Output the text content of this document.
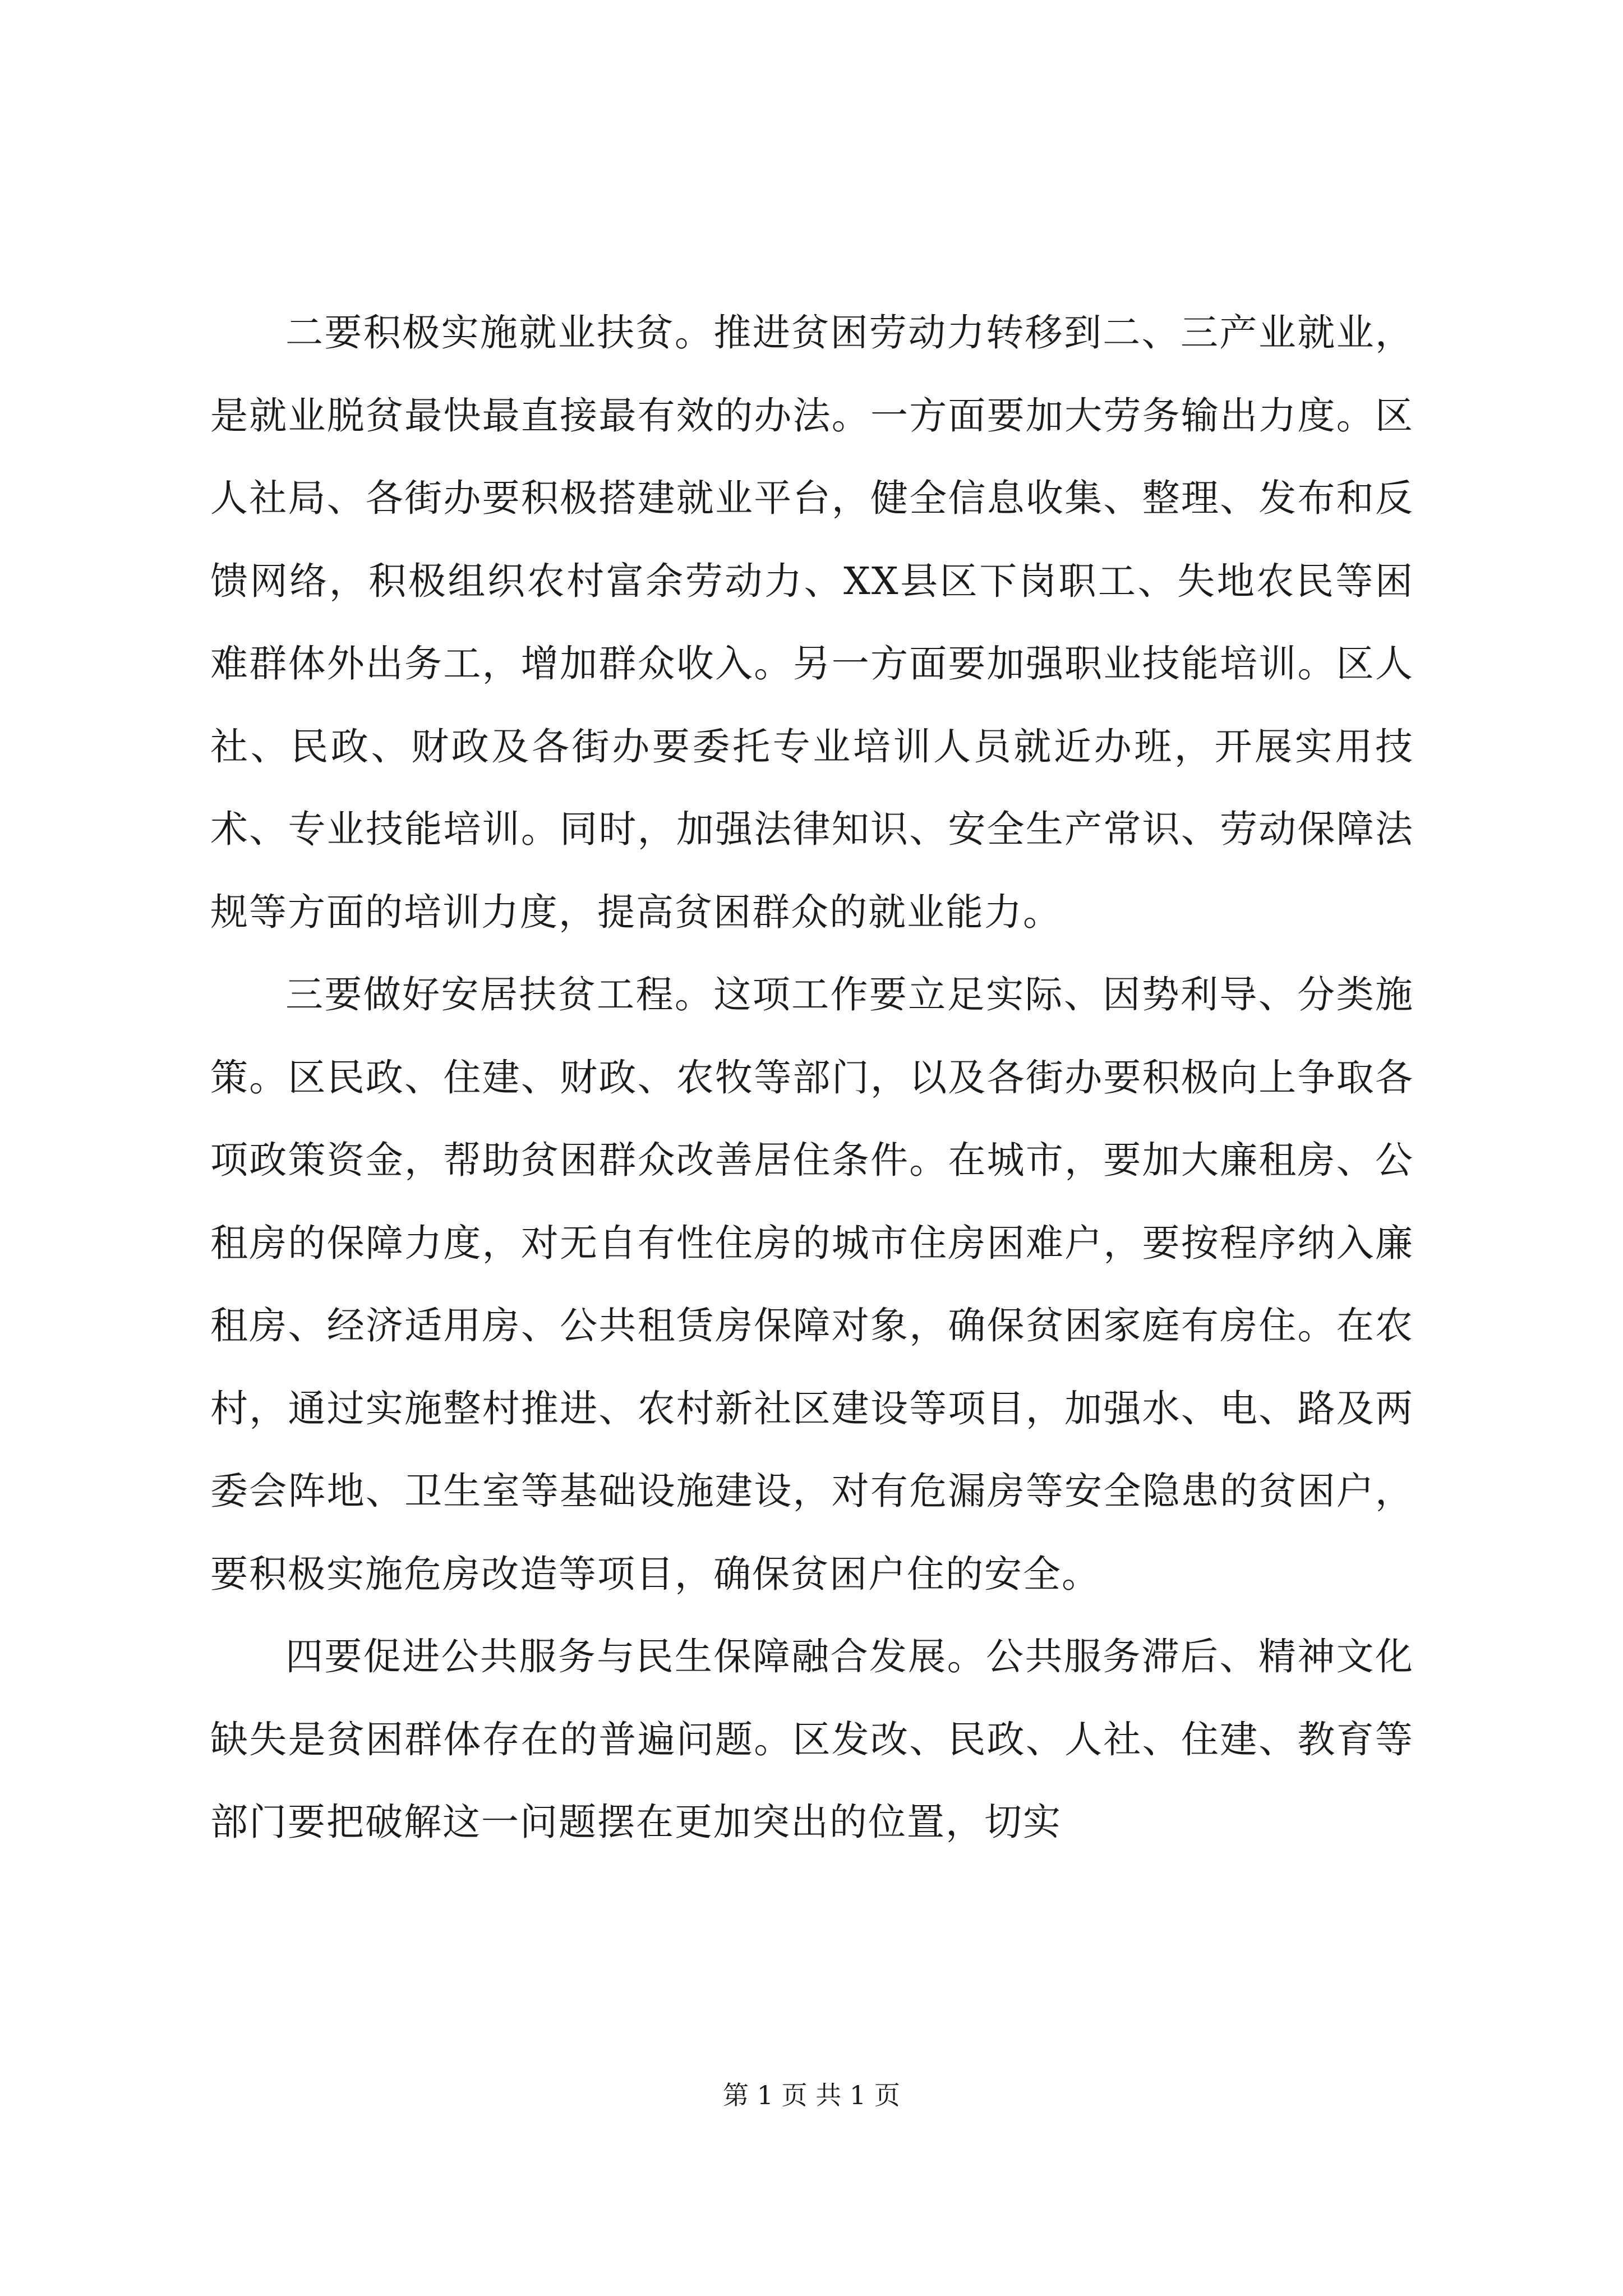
二要积极实施就业扶贫。推进贫困劳动力转移到二、三产业就业，是就业脱贫最快最直接最有效的办法。一方面要加大劳务输出力度。区人社局、各街办要积极搭建就业平台，健全信息收集、整理、发布和反馈网络，积极组织农村富余劳动力、XX县区下岗职工、失地农民等困难群体外出务工，增加群众收入。另一方面要加强职业技能培训。区人社、民政、财政及各街办要委托专业培训人员就近办班，开展实用技术、专业技能培训。同时，加强法律知识、安全生产常识、劳动保障法规等方面的培训力度，提高贫困群众的就业能力。

三要做好安居扶贫工程。这项工作要立足实际、因势利导、分类施策。区民政、住建、财政、农牧等部门，以及各街办要积极向上争取各项政策资金，帮助贫困群众改善居住条件。在城市，要加大廉租房、公租房的保障力度，对无自有性住房的城市住房困难户，要按程序纳入廉租房、经济适用房、公共租赁房保障对象，确保贫困家庭有房住。在农村，通过实施整村推进、农村新社区建设等项目，加强水、电、路及两委会阵地、卫生室等基础设施建设，对有危漏房等安全隐患的贫困户，要积极实施危房改造等项目，确保贫困户住的安全。

四要促进公共服务与民生保障融合发展。公共服务滞后、精神文化缺失是贫困群体存在的普遍问题。区发改、民政、人社、住建、教育等部门要把破解这一问题摆在更加突出的位置，切实

第 1 页 共 1 页
